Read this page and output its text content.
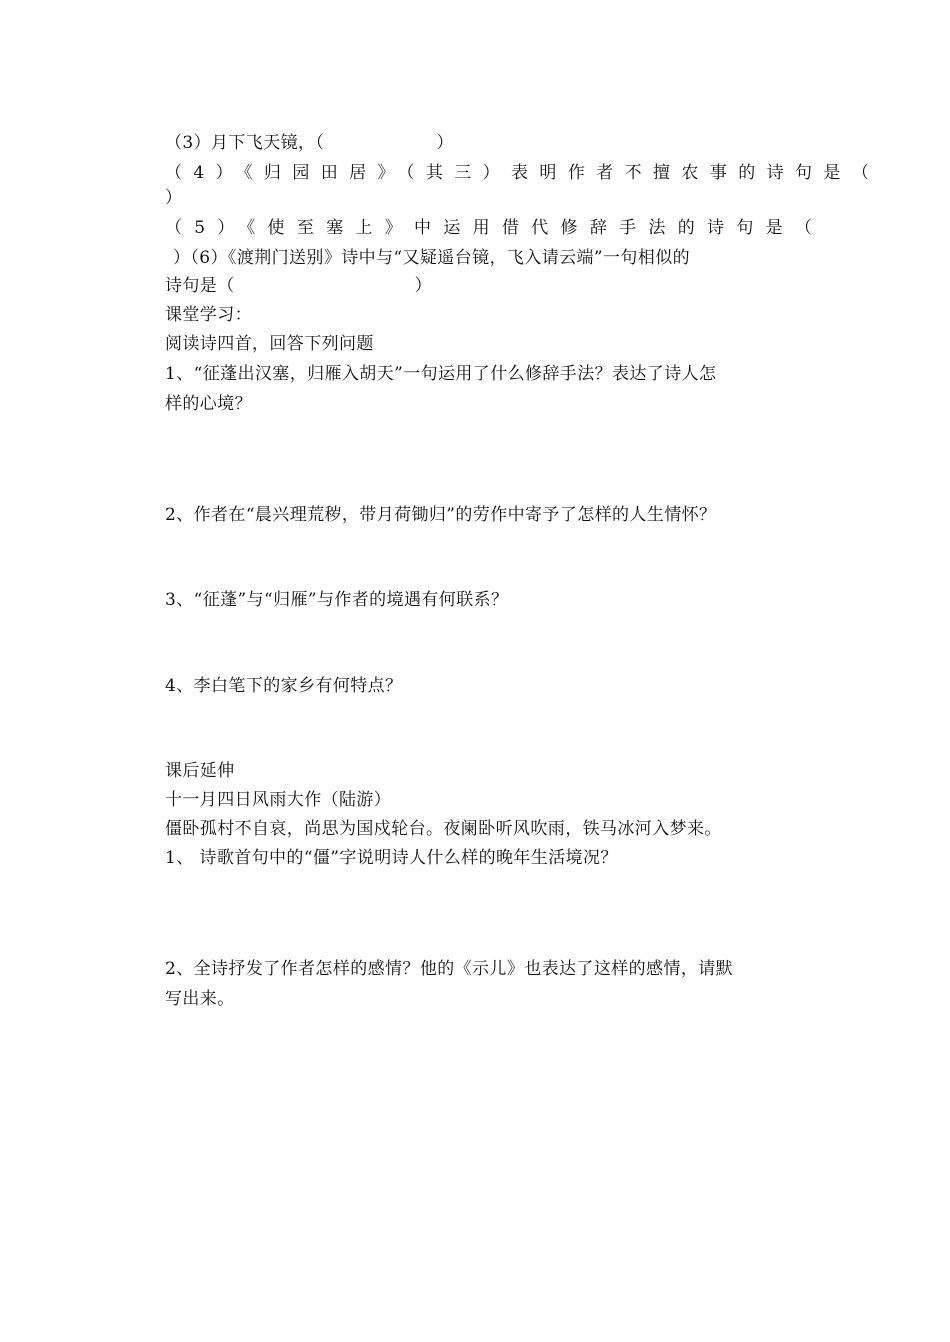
（3）月下飞天镜，（	）
（4）《归园田居》（其三）表明作者不擅农事的诗句是（
）
（5）《使至塞上》中运用借代修辞手法的诗句是（
）（6）《渡荆门送别》诗中与“又疑遥台镜，飞入请云端”一句相似的
诗句是（	）
课堂学习：
阅读诗四首，回答下列问题
1、“征蓬出汉塞，归雁入胡天”一句运用了什么修辞手法？表达了诗人怎
样的心境？
2、作者在“晨兴理荒秽，带月荷锄归”的劳作中寄予了怎样的人生情怀？
3、“征蓬”与“归雁”与作者的境遇有何联系？
4、李白笔下的家乡有何特点？
课后延伸
十一月四日风雨大作（陆游）
僵卧孤村不自哀，尚思为国戍轮台。夜阑卧听风吹雨，铁马冰河入梦来。
1、 诗歌首句中的“僵”字说明诗人什么样的晚年生活境况？
2、全诗抒发了作者怎样的感情？他的《示儿》也表达了这样的感情，请默
写出来。
